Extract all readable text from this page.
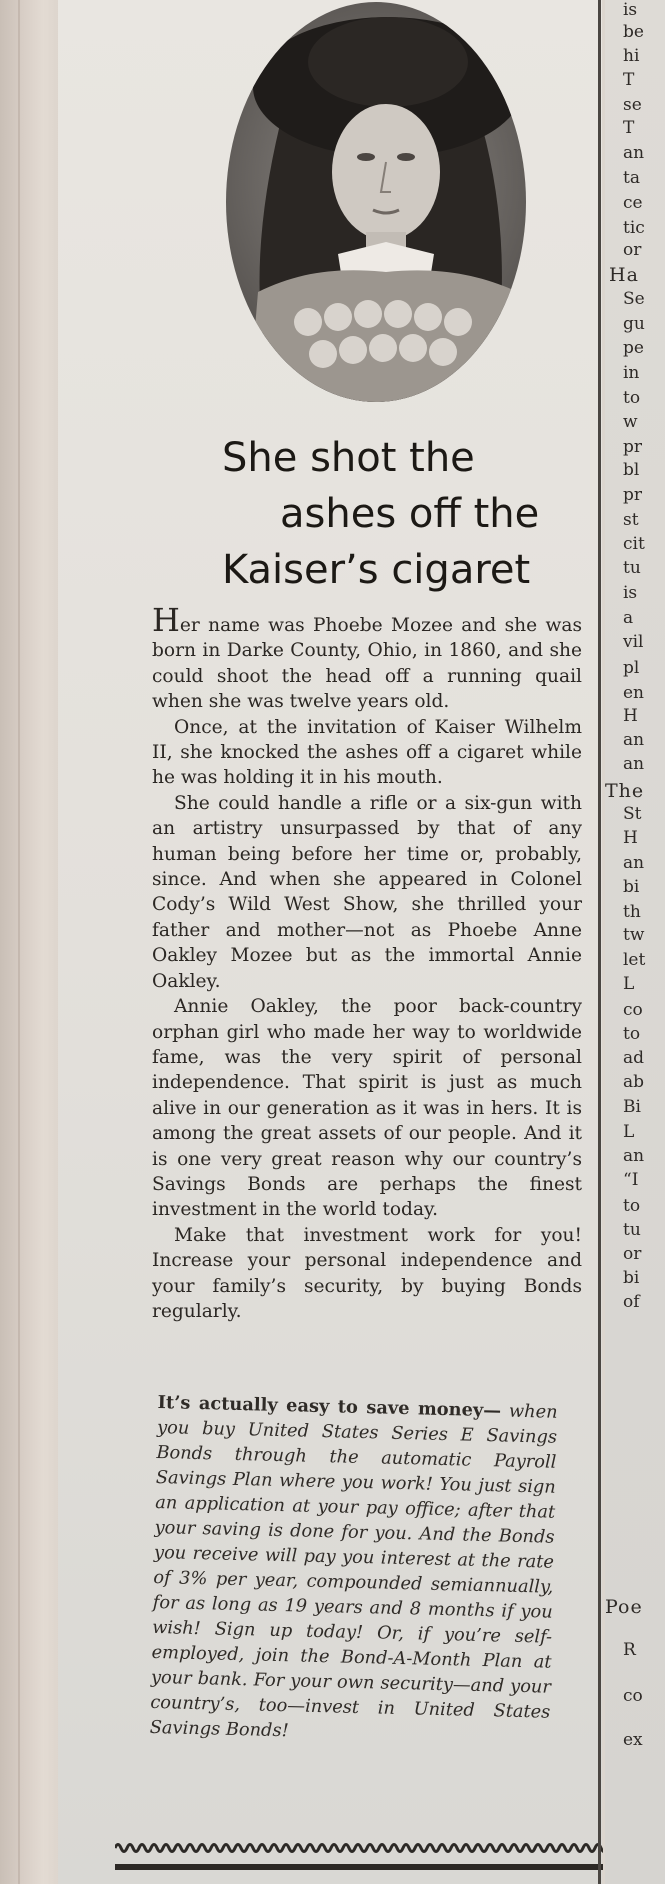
She shot the
ashes off the
Kaiser’s cigaret

Her name was Phoebe Mozee and she was born in Darke County, Ohio, in 1860, and she could shoot the head off a running quail when she was twelve years old.

Once, at the invitation of Kaiser Wilhelm II, she knocked the ashes off a cigaret while he was holding it in his mouth.

She could handle a rifle or a six-gun with an artistry unsurpassed by that of any human being before her time or, probably, since. And when she appeared in Colonel Cody’s Wild West Show, she thrilled your father and mother—not as Phoebe Anne Oakley Mozee but as the immortal Annie Oakley.

Annie Oakley, the poor back-country orphan girl who made her way to worldwide fame, was the very spirit of personal independence. That spirit is just as much alive in our generation as it was in hers. It is among the great assets of our people. And it is one very great reason why our country’s Savings Bonds are perhaps the finest investment in the world today.

Make that investment work for you! Increase your personal independence and your family’s security, by buying Bonds regularly.

It’s actually easy to save money— when you buy United States Series E Savings Bonds through the automatic Payroll Savings Plan where you work! You just sign an application at your pay office; after that your saving is done for you. And the Bonds you receive will pay you interest at the rate of 3% per year, compounded semiannually, for as long as 19 years and 8 months if you wish! Sign up today! Or, if you’re self-employed, join the Bond-A-Month Plan at your bank. For your own security—and your country’s, too—invest in United States Savings Bonds!
is
be
hi
T
se
T
an
ta
ce
tic
or
Ha
Se
gu
pe
in
to
w
pr
bl
pr
st
cit
tu
is
a
vil
pl
en
H
an
an
The
St
H
an
bi
th
tw
let
L
co
to
ad
ab
Bi
L
an
“I
to
tu
or
bi
of
Poe
R
co
ex
